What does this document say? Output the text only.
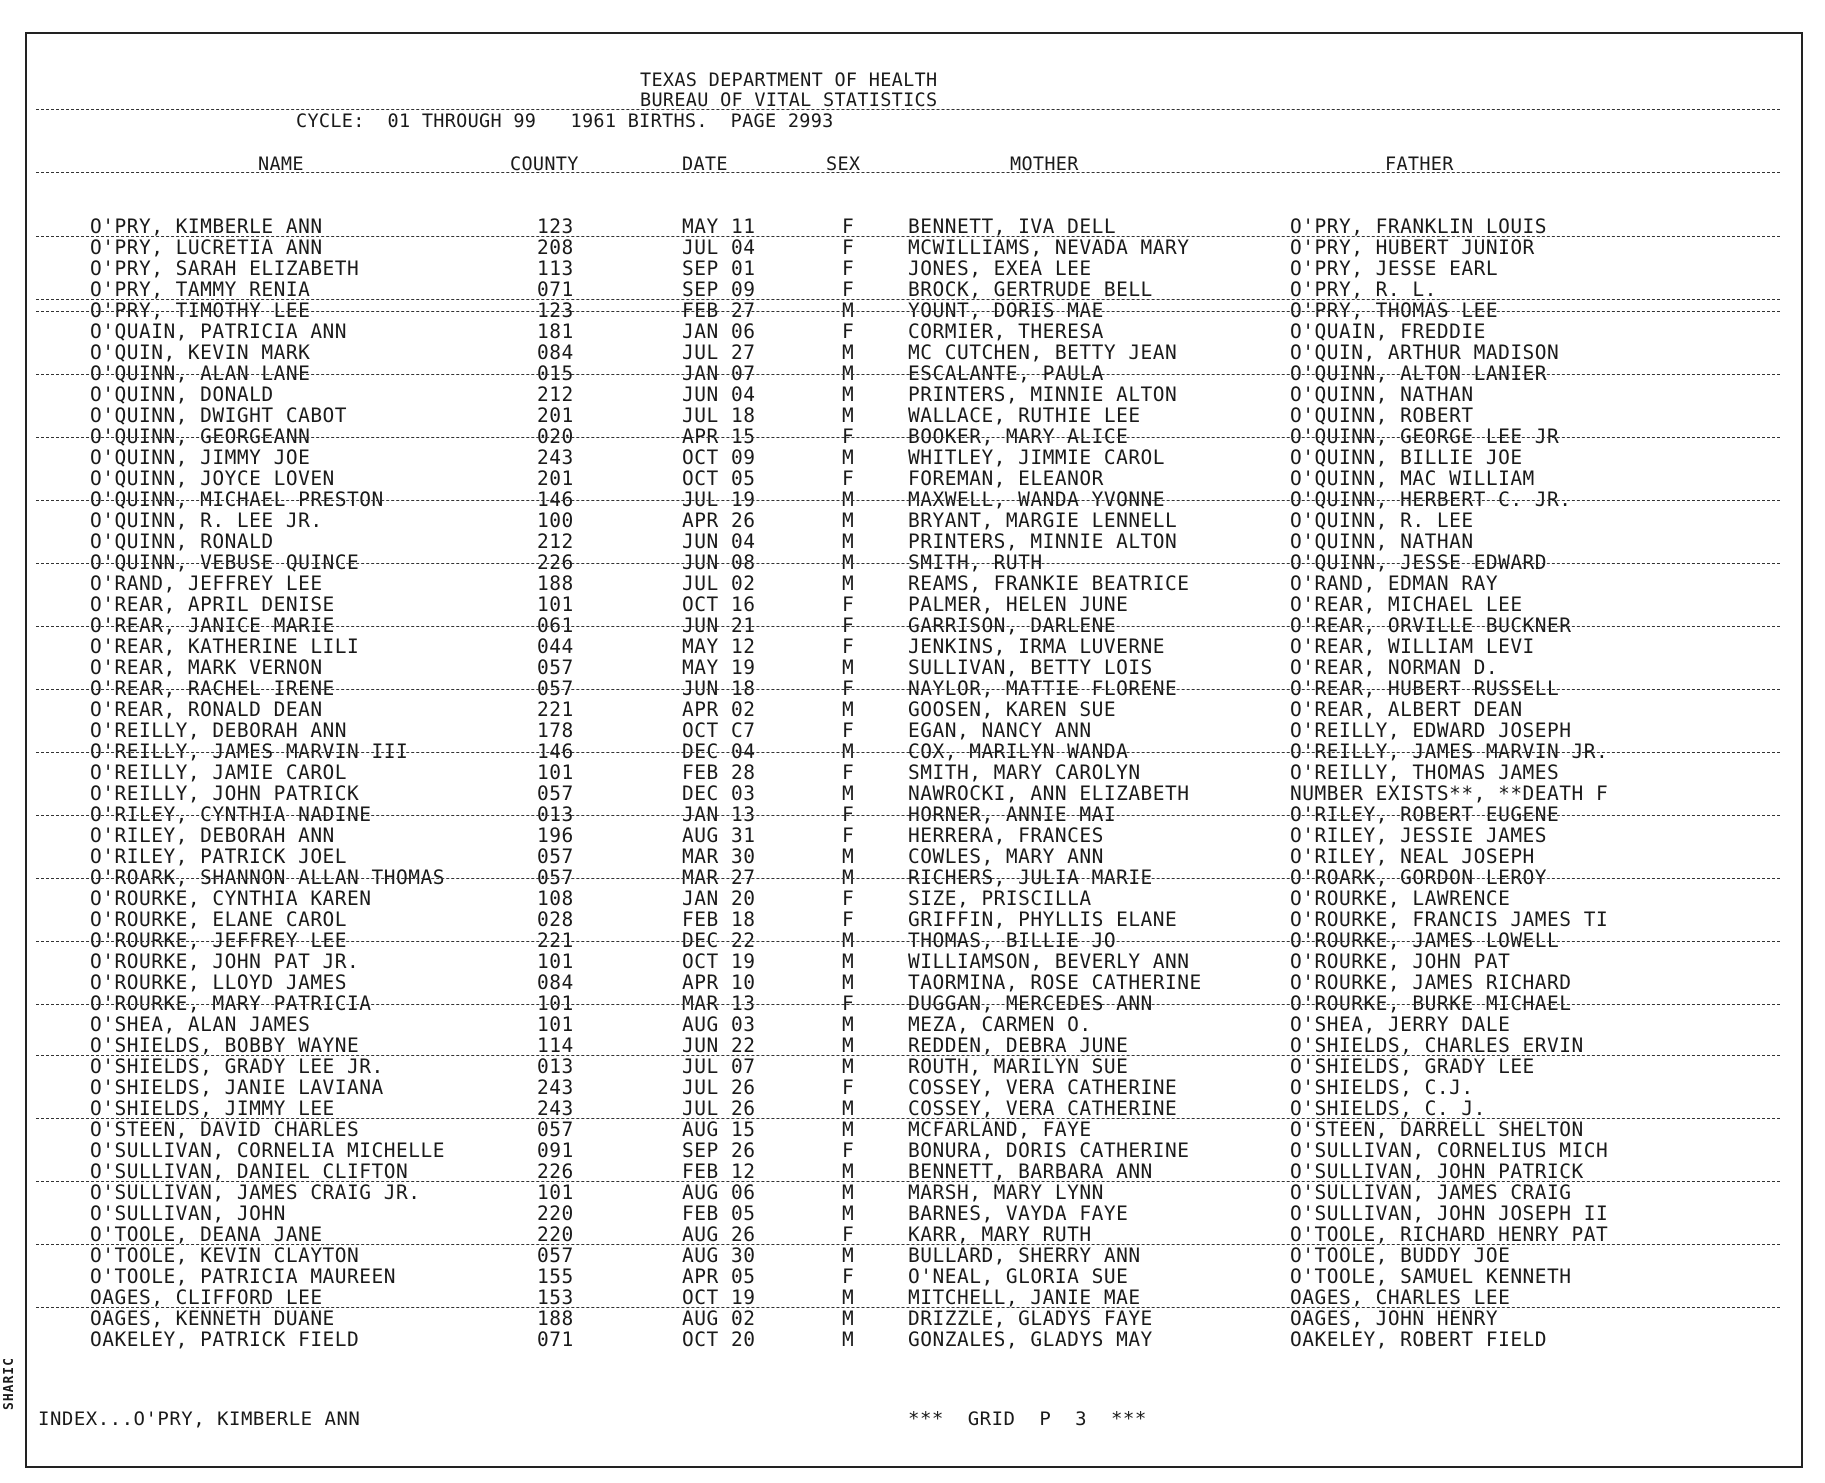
SHARIC
TEXAS DEPARTMENT OF HEALTH
BUREAU OF VITAL STATISTICS
CYCLE:  01 THROUGH 99   1961 BIRTHS.  PAGE 2993
NAME	COUNTY	DATE	SEX	MOTHER	FATHER
O'PRY, KIMBERLE ANN	123	MAY 11	F	BENNETT, IVA DELL	O'PRY, FRANKLIN LOUIS
O'PRY, LUCRETIA ANN	208	JUL 04	F	MCWILLIAMS, NEVADA MARY	O'PRY, HUBERT JUNIOR
O'PRY, SARAH ELIZABETH	113	SEP 01	F	JONES, EXEA LEE	O'PRY, JESSE EARL
O'PRY, TAMMY RENIA	071	SEP 09	F	BROCK, GERTRUDE BELL	O'PRY, R. L.
O'PRY, TIMOTHY LEE	123	FEB 27	M	YOUNT, DORIS MAE	O'PRY, THOMAS LEE
O'QUAIN, PATRICIA ANN	181	JAN 06	F	CORMIER, THERESA	O'QUAIN, FREDDIE
O'QUIN, KEVIN MARK	084	JUL 27	M	MC CUTCHEN, BETTY JEAN	O'QUIN, ARTHUR MADISON
O'QUINN, ALAN LANE	015	JAN 07	M	ESCALANTE, PAULA	O'QUINN, ALTON LANIER
O'QUINN, DONALD	212	JUN 04	M	PRINTERS, MINNIE ALTON	O'QUINN, NATHAN
O'QUINN, DWIGHT CABOT	201	JUL 18	M	WALLACE, RUTHIE LEE	O'QUINN, ROBERT
O'QUINN, GEORGEANN	020	APR 15	F	BOOKER, MARY ALICE	O'QUINN, GEORGE LEE JR
O'QUINN, JIMMY JOE	243	OCT 09	M	WHITLEY, JIMMIE CAROL	O'QUINN, BILLIE JOE
O'QUINN, JOYCE LOVEN	201	OCT 05	F	FOREMAN, ELEANOR	O'QUINN, MAC WILLIAM
O'QUINN, MICHAEL PRESTON	146	JUL 19	M	MAXWELL, WANDA YVONNE	O'QUINN, HERBERT C. JR.
O'QUINN, R. LEE JR.	100	APR 26	M	BRYANT, MARGIE LENNELL	O'QUINN, R. LEE
O'QUINN, RONALD	212	JUN 04	M	PRINTERS, MINNIE ALTON	O'QUINN, NATHAN
O'QUINN, VEBUSE QUINCE	226	JUN 08	M	SMITH, RUTH	O'QUINN, JESSE EDWARD
O'RAND, JEFFREY LEE	188	JUL 02	M	REAMS, FRANKIE BEATRICE	O'RAND, EDMAN RAY
O'REAR, APRIL DENISE	101	OCT 16	F	PALMER, HELEN JUNE	O'REAR, MICHAEL LEE
O'REAR, JANICE MARIE	061	JUN 21	F	GARRISON, DARLENE	O'REAR, ORVILLE BUCKNER
O'REAR, KATHERINE LILI	044	MAY 12	F	JENKINS, IRMA LUVERNE	O'REAR, WILLIAM LEVI
O'REAR, MARK VERNON	057	MAY 19	M	SULLIVAN, BETTY LOIS	O'REAR, NORMAN D.
O'REAR, RACHEL IRENE	057	JUN 18	F	NAYLOR, MATTIE FLORENE	O'REAR, HUBERT RUSSELL
O'REAR, RONALD DEAN	221	APR 02	M	GOOSEN, KAREN SUE	O'REAR, ALBERT DEAN
O'REILLY, DEBORAH ANN	178	OCT C7	F	EGAN, NANCY ANN	O'REILLY, EDWARD JOSEPH
O'REILLY, JAMES MARVIN III	146	DEC 04	M	COX, MARILYN WANDA	O'REILLY, JAMES MARVIN JR.
O'REILLY, JAMIE CAROL	101	FEB 28	F	SMITH, MARY CAROLYN	O'REILLY, THOMAS JAMES
O'REILLY, JOHN PATRICK	057	DEC 03	M	NAWROCKI, ANN ELIZABETH	NUMBER EXISTS**, **DEATH F
O'RILEY, CYNTHIA NADINE	013	JAN 13	F	HORNER, ANNIE MAI	O'RILEY, ROBERT EUGENE
O'RILEY, DEBORAH ANN	196	AUG 31	F	HERRERA, FRANCES	O'RILEY, JESSIE JAMES
O'RILEY, PATRICK JOEL	057	MAR 30	M	COWLES, MARY ANN	O'RILEY, NEAL JOSEPH
O'ROARK, SHANNON ALLAN THOMAS	057	MAR 27	M	RICHERS, JULIA MARIE	O'ROARK, GORDON LEROY
O'ROURKE, CYNTHIA KAREN	108	JAN 20	F	SIZE, PRISCILLA	O'ROURKE, LAWRENCE
O'ROURKE, ELANE CAROL	028	FEB 18	F	GRIFFIN, PHYLLIS ELANE	O'ROURKE, FRANCIS JAMES TI
O'ROURKE, JEFFREY LEE	221	DEC 22	M	THOMAS, BILLIE JO	O'ROURKE, JAMES LOWELL
O'ROURKE, JOHN PAT JR.	101	OCT 19	M	WILLIAMSON, BEVERLY ANN	O'ROURKE, JOHN PAT
O'ROURKE, LLOYD JAMES	084	APR 10	M	TAORMINA, ROSE CATHERINE	O'ROURKE, JAMES RICHARD
O'ROURKE, MARY PATRICIA	101	MAR 13	F	DUGGAN, MERCEDES ANN	O'ROURKE, BURKE MICHAEL
O'SHEA, ALAN JAMES	101	AUG 03	M	MEZA, CARMEN O.	O'SHEA, JERRY DALE
O'SHIELDS, BOBBY WAYNE	114	JUN 22	M	REDDEN, DEBRA JUNE	O'SHIELDS, CHARLES ERVIN
O'SHIELDS, GRADY LEE JR.	013	JUL 07	M	ROUTH, MARILYN SUE	O'SHIELDS, GRADY LEE
O'SHIELDS, JANIE LAVIANA	243	JUL 26	F	COSSEY, VERA CATHERINE	O'SHIELDS, C.J.
O'SHIELDS, JIMMY LEE	243	JUL 26	M	COSSEY, VERA CATHERINE	O'SHIELDS, C. J.
O'STEEN, DAVID CHARLES	057	AUG 15	M	MCFARLAND, FAYE	O'STEEN, DARRELL SHELTON
O'SULLIVAN, CORNELIA MICHELLE	091	SEP 26	F	BONURA, DORIS CATHERINE	O'SULLIVAN, CORNELIUS MICH
O'SULLIVAN, DANIEL CLIFTON	226	FEB 12	M	BENNETT, BARBARA ANN	O'SULLIVAN, JOHN PATRICK
O'SULLIVAN, JAMES CRAIG JR.	101	AUG 06	M	MARSH, MARY LYNN	O'SULLIVAN, JAMES CRAIG
O'SULLIVAN, JOHN	220	FEB 05	M	BARNES, VAYDA FAYE	O'SULLIVAN, JOHN JOSEPH II
O'TOOLE, DEANA JANE	220	AUG 26	F	KARR, MARY RUTH	O'TOOLE, RICHARD HENRY PAT
O'TOOLE, KEVIN CLAYTON	057	AUG 30	M	BULLARD, SHERRY ANN	O'TOOLE, BUDDY JOE
O'TOOLE, PATRICIA MAUREEN	155	APR 05	F	O'NEAL, GLORIA SUE	O'TOOLE, SAMUEL KENNETH
OAGES, CLIFFORD LEE	153	OCT 19	M	MITCHELL, JANIE MAE	OAGES, CHARLES LEE
OAGES, KENNETH DUANE	188	AUG 02	M	DRIZZLE, GLADYS FAYE	OAGES, JOHN HENRY
OAKELEY, PATRICK FIELD	071	OCT 20	M	GONZALES, GLADYS MAY	OAKELEY, ROBERT FIELD
INDEX...O'PRY, KIMBERLE ANN	***  GRID  P  3  ***
